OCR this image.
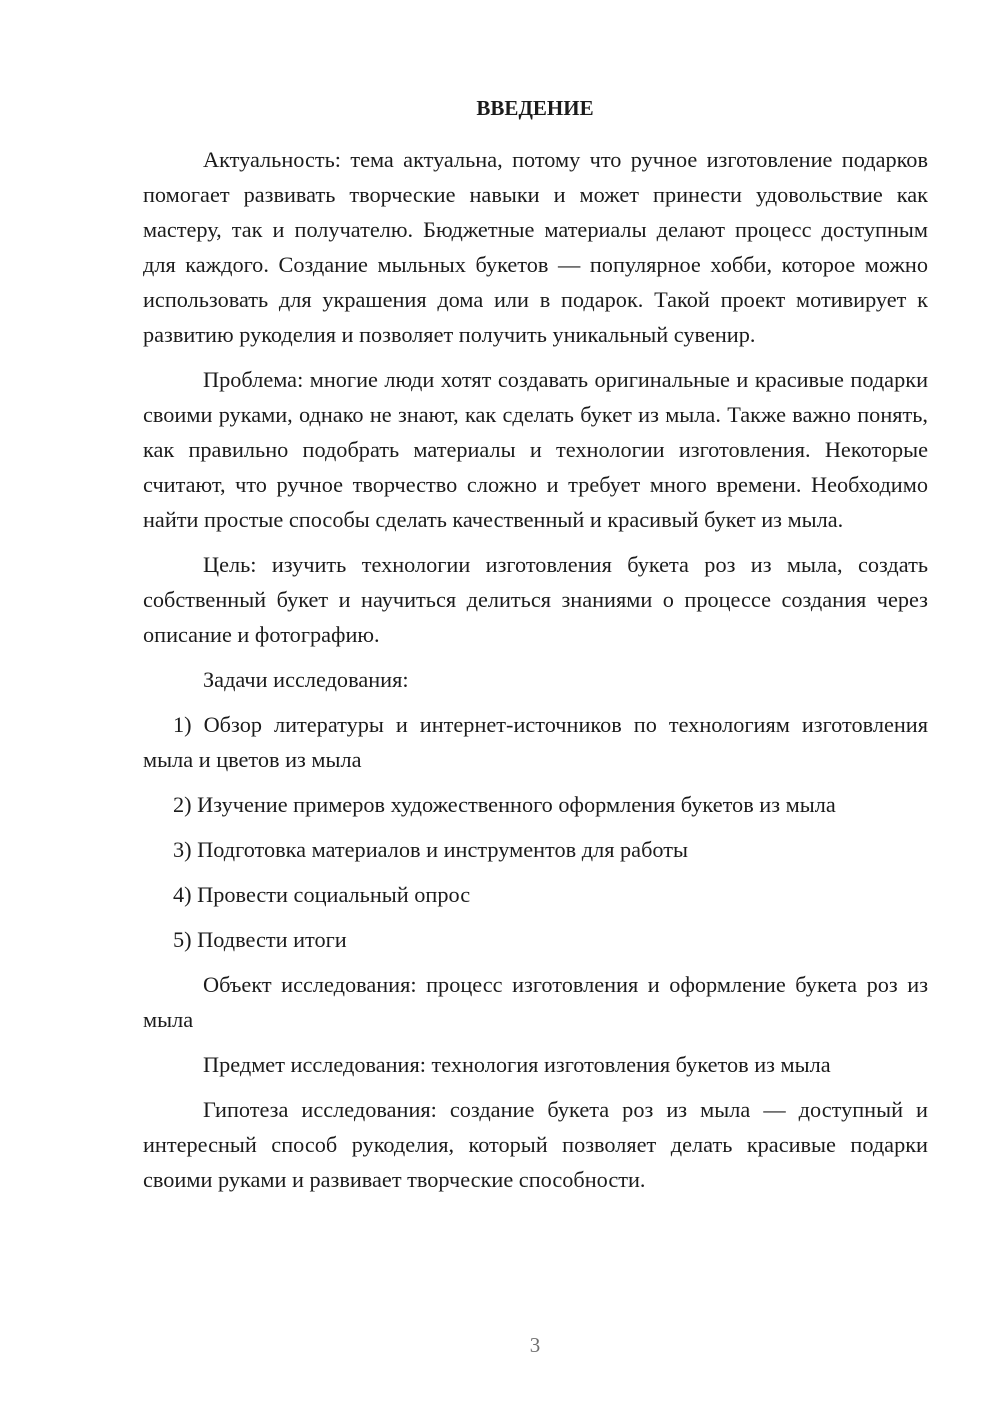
ВВЕДЕНИЕ

Актуальность: тема актуальна, потому что ручное изготовление подарков помогает развивать творческие навыки и может принести удовольствие как мастеру, так и получателю. Бюджетные материалы делают процесс доступным для каждого. Создание мыльных букетов — популярное хобби, которое можно использовать для украшения дома или в подарок. Такой проект мотивирует к развитию рукоделия и позволяет получить уникальный сувенир.

Проблема: многие люди хотят создавать оригинальные и красивые подарки своими руками, однако не знают, как сделать букет из мыла. Также важно понять, как правильно подобрать материалы и технологии изготовления. Некоторые считают, что ручное творчество сложно и требует много времени. Необходимо найти простые способы сделать качественный и красивый букет из мыла.

Цель: изучить технологии изготовления букета роз из мыла, создать собственный букет и научиться делиться знаниями о процессе создания через описание и фотографию.

Задачи исследования:

1) Обзор литературы и интернет-источников по технологиям изготовления мыла и цветов из мыла

2) Изучение примеров художественного оформления букетов из мыла

3) Подготовка материалов и инструментов для работы

4) Провести социальный опрос

5) Подвести итоги

Объект исследования: процесс изготовления и оформление букета роз из мыла

Предмет исследования: технология изготовления букетов из мыла

Гипотеза исследования: создание букета роз из мыла — доступный и интересный способ рукоделия, который позволяет делать красивые подарки своими руками и развивает творческие способности.

3
